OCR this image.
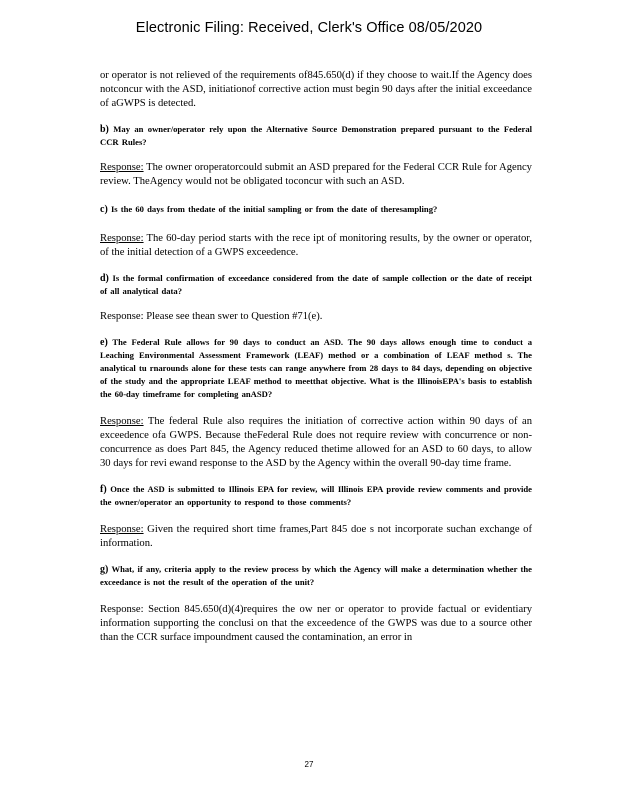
Electronic Filing: Received, Clerk's Office 08/05/2020

or operator is not relieved of the requirements of845.650(d) if they choose to wait.If the Agency does notconcur with the ASD, initiationof corrective action must begin 90 days after the initial exceedance of aGWPS is detected.

b) May an owner/operator rely upon the Alternative Source Demonstration prepared pursuant to the Federal CCR Rules?

Response: The owner oroperatorcould submit an ASD prepared for the Federal CCR Rule for Agency review. TheAgency would not be obligated toconcur with such an ASD.

c) Is the 60 days from thedate of the initial sampling or from the date of theresampling?

Response: The 60-day period starts with the rece ipt of monitoring results, by the owner or operator, of the initial detection of a GWPS exceedence.

d) Is the formal confirmation of exceedance considered from the date of sample collection or the date of receipt of all analytical data?

Response: Please see thean swer to Question #71(e).

e) The Federal Rule allows for 90 days to conduct an ASD. The 90 days allows enough time to conduct a Leaching Environmental Assessment Framework (LEAF) method or a combination of LEAF method s. The analytical tu rnarounds alone for these tests can range anywhere from 28 days to 84 days, depending on objective of the study and the appropriate LEAF method to meetthat objective. What is the IllinoisEPA's basis to establish the 60-day timeframe for completing anASD?

Response: The federal Rule also requires the initiation of corrective action within 90 days of an exceedence ofa GWPS. Because theFederal Rule does not require review with concurrence or non-concurrence as does Part 845, the Agency reduced thetime allowed for an ASD to 60 days, to allow 30 days for revi ewand response to the ASD by the Agency within the overall 90-day time frame.

f) Once the ASD is submitted to Illinois EPA for review, will Illinois EPA provide review comments and provide the owner/operator an opportunity to respond to those comments?

Response: Given the required short time frames,Part 845 doe s not incorporate suchan exchange of information.

g) What, if any, criteria apply to the review process by which the Agency will make a determination whether the exceedance is not the result of the operation of the unit?

Response: Section 845.650(d)(4)requires the ow ner or operator to provide factual or evidentiary information supporting the conclusi on that the exceedence of the GWPS was due to a source other than the CCR surface impoundment caused the contamination, an error in

27
